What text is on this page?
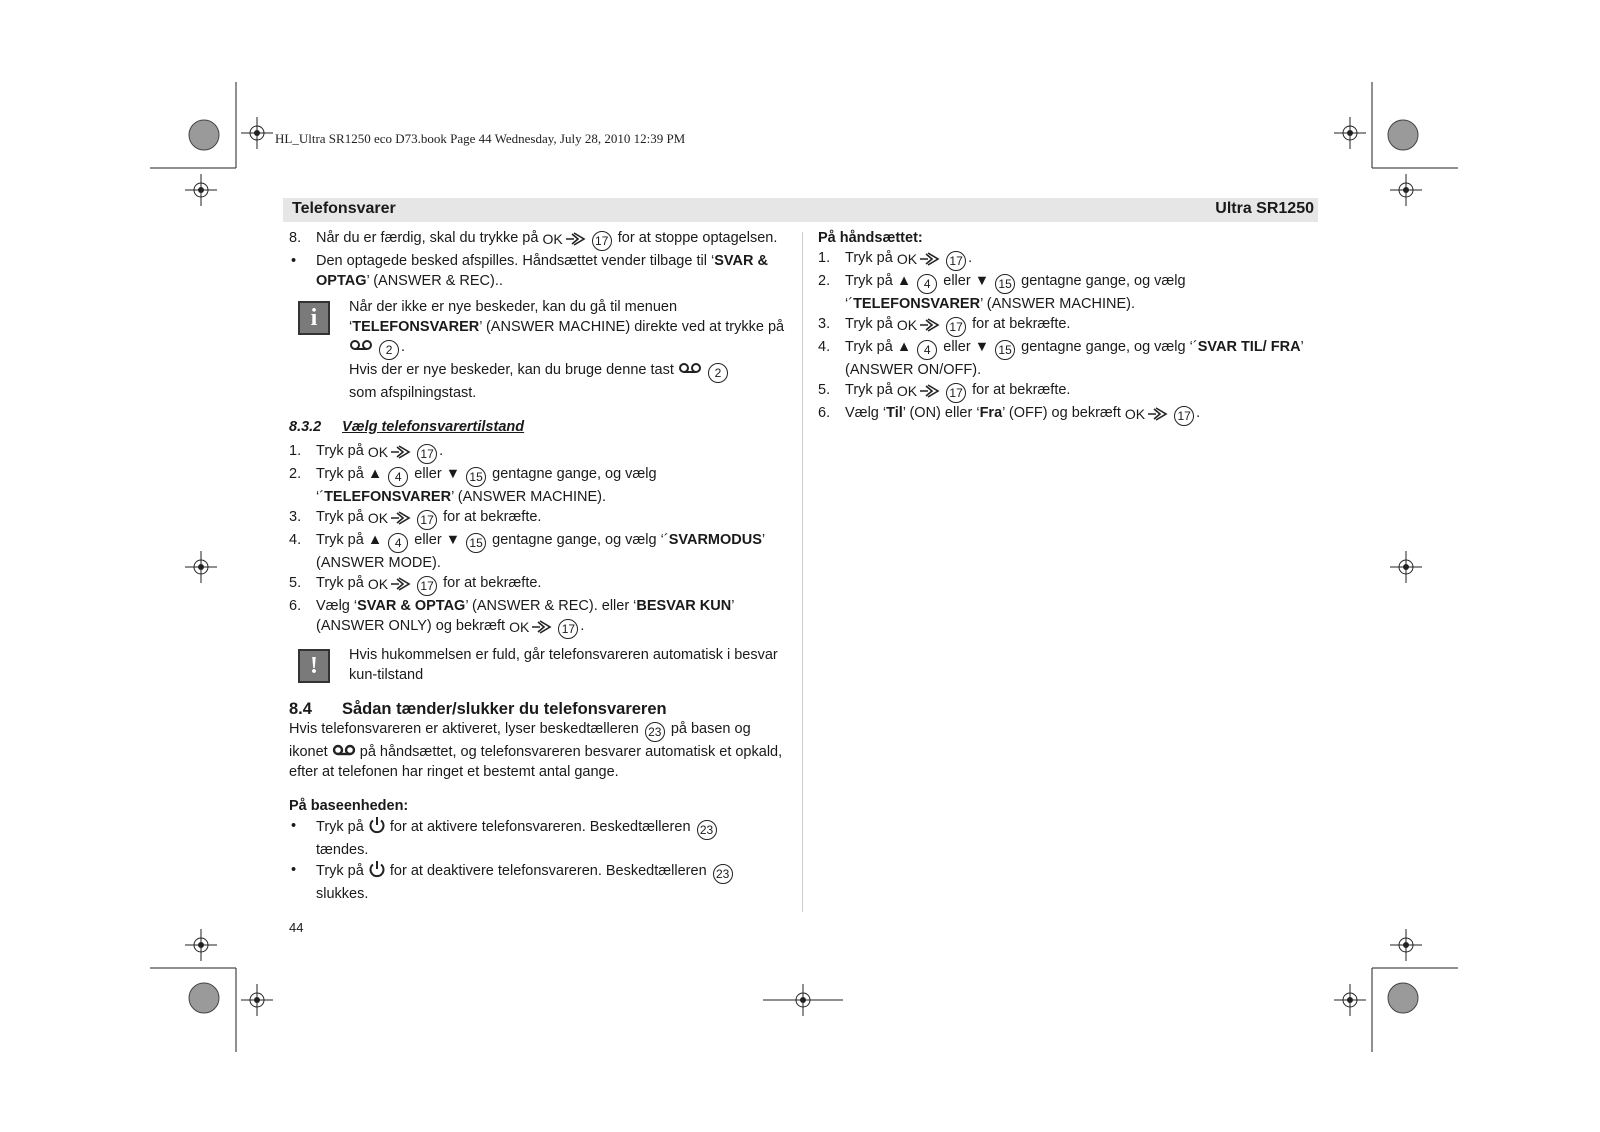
HL_Ultra SR1250 eco D73.book Page 44 Wednesday, July 28, 2010 12:39 PM
Telefonsvarer	Ultra SR1250
8. Når du er færdig, skal du trykke på OK	17 for at stoppe optagelsen.
• Den optagede besked afspilles. Håndsættet vender tilbage til ‘SVAR & OPTAG’ (ANSWER & REC)..
i	Når der ikke er nye beskeder, kan du gå til menuen ‘TELEFONSVARER’ (ANSWER MACHINE) direkte ved at trykke på  2 .
Hvis der er nye beskeder, kan du bruge denne tast	2
som afspilningstast.
8.3.2 Vælg telefonsvarertilstand
1. Tryk på OK	17 .
2. Tryk på ▲ 4 eller ▼ 15 gentagne gange, og vælg
‘´TELEFONSVARER’ (ANSWER MACHINE).
3. Tryk på OK	17 for at bekræfte.
4. Tryk på ▲ 4 eller ▼ 15 gentagne gange, og vælg ‘´SVARMODUS’
(ANSWER MODE).
5. Tryk på OK	17 for at bekræfte.
6. Vælg ‘SVAR & OPTAG’ (ANSWER & REC). eller ‘BESVAR KUN’ (ANSWER ONLY) og bekræft OK	17 .
!	Hvis hukommelsen er fuld, går telefonsvareren automatisk i besvar kun-tilstand
8.4 Sådan tænder/slukker du telefonsvareren

Hvis telefonsvareren er aktiveret, lyser beskedtælleren 23 på basen og ikonet på håndsættet, og telefonsvareren besvarer automatisk et opkald, efter at telefonen har ringet et bestemt antal gange.

På baseenheden:
• Tryk på for at aktivere telefonsvareren. Beskedtælleren 23
tændes.
• Tryk på for at deaktivere telefonsvareren. Beskedtælleren 23
slukkes.
På håndsættet:
1. Tryk på OK	17 .
2. Tryk på ▲ 4 eller ▼ 15 gentagne gange, og vælg
‘´TELEFONSVARER’ (ANSWER MACHINE).
3. Tryk på OK	17 for at bekræfte.
4. Tryk på ▲ 4 eller ▼ 15 gentagne gange, og vælg ‘´SVAR TIL/ FRA’ (ANSWER ON/OFF).
5. Tryk på OK	17 for at bekræfte.
6. Vælg ‘Til’ (ON) eller ‘Fra’ (OFF) og bekræft OK	17 .
44
